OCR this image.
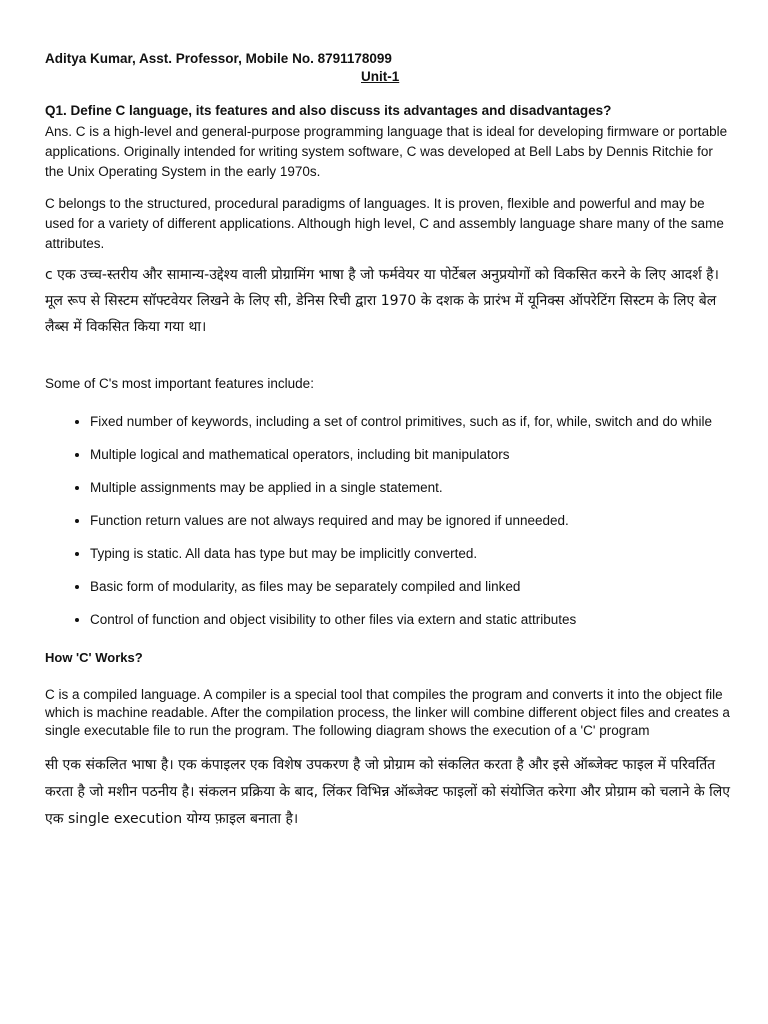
Aditya Kumar, Asst. Professor, Mobile No. 8791178099

Unit-1

Q1. Define C language, its features and also discuss its advantages and disadvantages?

Ans. C is a high-level and general-purpose programming language that is ideal for developing firmware or portable applications. Originally intended for writing system software, C was developed at Bell Labs by Dennis Ritchie for the Unix Operating System in the early 1970s.

C belongs to the structured, procedural paradigms of languages. It is proven, flexible and powerful and may be used for a variety of different applications. Although high level, C and assembly language share many of the same attributes.

c एक उच्च-स्तरीय और सामान्य-उद्देश्य वाली प्रोग्रामिंग भाषा है जो फर्मवेयर या पोर्टेबल अनुप्रयोगों को विकसित करने के लिए आदर्श है। मूल रूप से सिस्टम सॉफ्टवेयर लिखने के लिए सी, डेनिस रिची द्वारा 1970 के दशक के प्रारंभ में यूनिक्स ऑपरेटिंग सिस्टम के लिए बेल लैब्स में विकसित किया गया था।

Some of C's most important features include:

• Fixed number of keywords, including a set of control primitives, such as if, for, while, switch and do while
• Multiple logical and mathematical operators, including bit manipulators
• Multiple assignments may be applied in a single statement.
• Function return values are not always required and may be ignored if unneeded.
• Typing is static. All data has type but may be implicitly converted.
• Basic form of modularity, as files may be separately compiled and linked
• Control of function and object visibility to other files via extern and static attributes

How 'C' Works?

C is a compiled language. A compiler is a special tool that compiles the program and converts it into the object file which is machine readable. After the compilation process, the linker will combine different object files and creates a single executable file to run the program. The following diagram shows the execution of a 'C' program

सी एक संकलित भाषा है। एक कंपाइलर एक विशेष उपकरण है जो प्रोग्राम को संकलित करता है और इसे ऑब्जेक्ट फाइल में परिवर्तित करता है जो मशीन पठनीय है। संकलन प्रक्रिया के बाद, लिंकर विभिन्न ऑब्जेक्ट फाइलों को संयोजित करेगा और प्रोग्राम को चलाने के लिए एक single execution योग्य फ़ाइल बनाता है।
